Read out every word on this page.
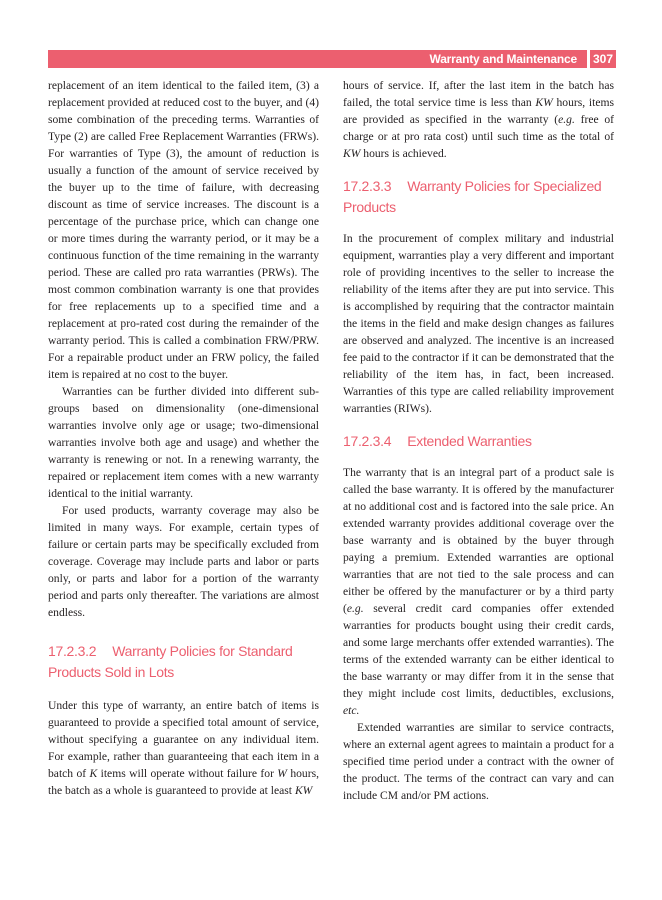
Warranty and Maintenance 307

replacement of an item identical to the failed item, (3) a replacement provided at reduced cost to the buyer, and (4) some combination of the preceding terms. Warranties of Type (2) are called Free Replacement Warranties (FRWs). For warranties of Type (3), the amount of reduction is usually a function of the amount of service received by the buyer up to the time of failure, with decreasing discount as time of service increases. The discount is a percentage of the purchase price, which can change one or more times during the warranty period, or it may be a continuous function of the time remaining in the warranty period. These are called pro rata warranties (PRWs). The most common combination warranty is one that provides for free replacements up to a specified time and a replacement at pro-rated cost during the remainder of the warranty period. This is called a combination FRW/PRW. For a repairable product under an FRW policy, the failed item is repaired at no cost to the buyer.

Warranties can be further divided into different sub-groups based on dimensionality (one-dimensional warranties involve only age or usage; two-dimensional warranties involve both age and usage) and whether the warranty is renewing or not. In a renewing warranty, the repaired or replacement item comes with a new warranty identical to the initial warranty.

For used products, warranty coverage may also be limited in many ways. For example, certain types of failure or certain parts may be specifically excluded from coverage. Coverage may include parts and labor or parts only, or parts and labor for a portion of the warranty period and parts only thereafter. The variations are almost endless.

17.2.3.2 Warranty Policies for Standard Products Sold in Lots

Under this type of warranty, an entire batch of items is guaranteed to provide a specified total amount of service, without specifying a guarantee on any individual item. For example, rather than guaranteeing that each item in a batch of K items will operate without failure for W hours, the batch as a whole is guaranteed to provide at least KW

hours of service. If, after the last item in the batch has failed, the total service time is less than KW hours, items are provided as specified in the warranty (e.g. free of charge or at pro rata cost) until such time as the total of KW hours is achieved.

17.2.3.3 Warranty Policies for Specialized Products

In the procurement of complex military and industrial equipment, warranties play a very different and important role of providing incentives to the seller to increase the reliability of the items after they are put into service. This is accomplished by requiring that the contractor maintain the items in the field and make design changes as failures are observed and analyzed. The incentive is an increased fee paid to the contractor if it can be demonstrated that the reliability of the item has, in fact, been increased. Warranties of this type are called reliability improvement warranties (RIWs).

17.2.3.4 Extended Warranties

The warranty that is an integral part of a product sale is called the base warranty. It is offered by the manufacturer at no additional cost and is factored into the sale price. An extended warranty provides additional coverage over the base warranty and is obtained by the buyer through paying a premium. Extended warranties are optional warranties that are not tied to the sale process and can either be offered by the manufacturer or by a third party (e.g. several credit card companies offer extended warranties for products bought using their credit cards, and some large merchants offer extended warranties). The terms of the extended warranty can be either identical to the base warranty or may differ from it in the sense that they might include cost limits, deductibles, exclusions, etc.

Extended warranties are similar to service contracts, where an external agent agrees to maintain a product for a specified time period under a contract with the owner of the product. The terms of the contract can vary and can include CM and/or PM actions.
